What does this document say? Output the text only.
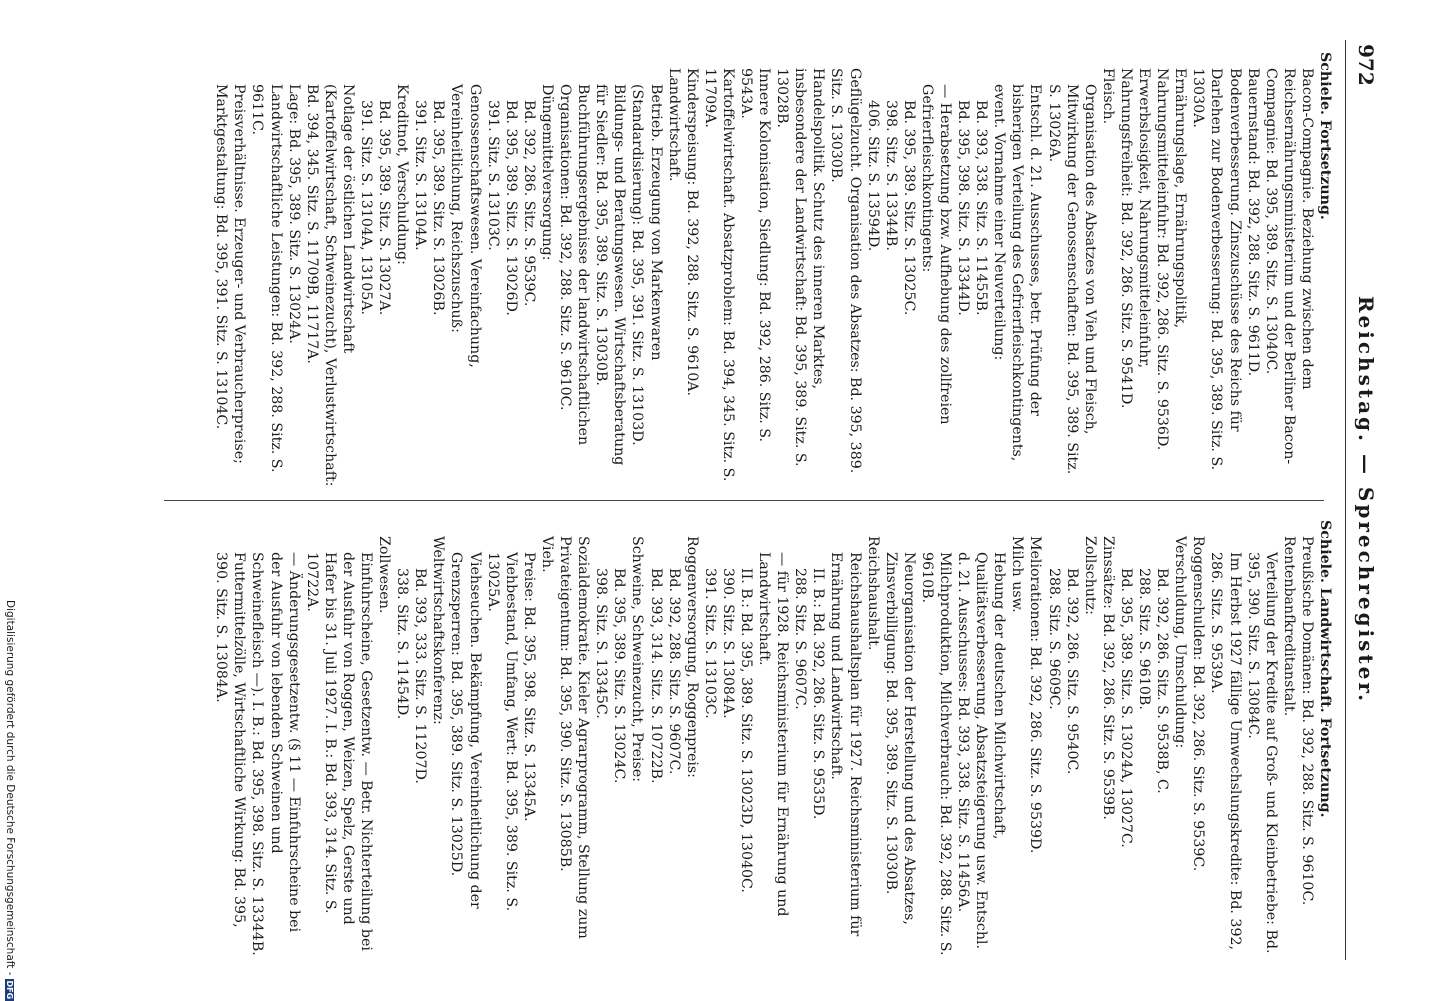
972
Reichstag. — Sprechregister.

Schiele. Fortsetzung.

Bacon-Compagnie. Beziehung zwischen dem Reichsernährungsministerium und der Berliner Bacon-Compagnie: Bd. 395, 389. Sitz. S. 13040C.

Bauernstand: Bd. 392, 288. Sitz. S. 9611D.

Bodenverbesserung. Zinszuschüsse des Reichs für Darlehen zur Bodenverbesserung: Bd. 395, 389. Sitz. S. 13030A.

Ernährungslage, Ernährungspolitik, Nahrungsmitteleinfuhr: Bd. 392, 286. Sitz. S. 9536D.

Erwerbslosigkeit, Nahrungsmitteleinfuhr, Nahrungsfreiheit: Bd. 392, 286. Sitz. S. 9541D.

Fleisch.

Organisation des Absatzes von Vieh und Fleisch, Mitwirkung der Genossenschaften: Bd. 395, 389. Sitz. S. 13026A.

Entschl. d. 21. Ausschusses, betr. Prüfung der bisherigen Verteilung des Gefrierfleischkontingents, event. Vornahme einer Neuverteilung:

Bd. 393, 338. Sitz. S. 11455B.

Bd. 395, 398. Sitz. S. 13344D.

— Herabsetzung bzw. Aufhebung des zollfreien Gefrierfleischkontingents:

Bd. 395, 389. Sitz. S. 13025C.

398. Sitz. S. 13344B.

406. Sitz. S. 13594D.

Geflügelzucht. Organisation des Absatzes: Bd. 395, 389. Sitz. S. 13030B.

Handelspolitik. Schutz des inneren Marktes, insbesondere der Landwirtschaft: Bd. 395, 389. Sitz. S. 13028B.

Innere Kolonisation, Siedlung: Bd. 392, 286. Sitz. S. 9543A.

Kartoffelwirtschaft. Absatzproblem: Bd. 394, 345. Sitz. S. 11709A.

Kinderspeisung: Bd. 392, 288. Sitz. S. 9610A.

Landwirtschaft.

Betrieb. Erzeugung von Markenwaren (Standardisierung): Bd. 395, 391. Sitz. S. 13103D.

Bildungs- und Beratungswesen. Wirtschaftsberatung für Siedler: Bd. 395, 389. Sitz. S. 13030B.

Buchführungsergebnisse der landwirtschaftlichen Organisationen: Bd. 392, 288. Sitz. S. 9610C.

Düngemittelversorgung:

Bd. 392, 286. Sitz. S. 9539C.

Bd. 395, 389. Sitz. S. 13026D.

391. Sitz. S. 13103C.

Genossenschaftswesen. Vereinfachung, Vereinheitlichung, Reichszuschuß:

Bd. 395, 389. Sitz. S. 13026B.

391. Sitz. S. 13104A.

Kreditnot, Verschuldung:

Bd. 395, 389. Sitz. S. 13027A.

391. Sitz. S. 13104A, 13105A.

Notlage der östlichen Landwirtschaft (Kartoffelwirtschaft, Schweinezucht), Verlustwirtschaft: Bd. 394, 345. Sitz. S. 11709B, 11717A.

Lage: Bd. 395, 389. Sitz. S. 13024A.

Landwirtschaftliche Leistungen: Bd. 392, 288. Sitz. S. 9611C.

Preisverhältnisse. Erzeuger- und Verbraucherpreise; Marktgestaltung: Bd. 395, 391. Sitz. S. 13104C.

Schiele. Landwirtschaft. Fortsetzung.

Preußische Domänen: Bd. 392, 288. Sitz. S. 9610C.

Rentenbanfkreditanstalt.

Verteilung der Kredite auf Groß- und Kleinbetriebe: Bd. 395, 390. Sitz. S. 13084C.

Im Herbst 1927 fällige Umwechslungskredite: Bd. 392, 286. Sitz. S. 9539A.

Roggenschulden: Bd. 392, 286. Sitz. S. 9539C.

Verschuldung, Umschuldung:

Bd. 392, 286. Sitz. S. 9538B, C.

288. Sitz. S. 9610B.

Bd. 395, 389. Sitz. S. 13024A, 13027C.

Zinssätze: Bd. 392, 286. Sitz. S. 9539B.

Zollschutz:

Bd. 392, 286. Sitz. S. 9540C.

288. Sitz. S. 9609C.

Meliorationen: Bd. 392, 286. Sitz. S. 9539D.

Milch usw.

Hebung der deutschen Milchwirtschaft, Qualitätsverbesserung, Absatzsteigerung usw. Entschl. d. 21. Ausschusses: Bd. 393, 338. Sitz. S. 11456A.

Milchproduktion, Milchverbrauch: Bd. 392, 288. Sitz. S. 9610B.

Neuorganisation der Herstellung und des Absatzes, Zinsverbilligung: Bd. 395, 389. Sitz. S. 13030B.

Reichshaushalt.

Reichshaushaltsplan für 1927. Reichsministerium für Ernährung und Landwirtschaft.

II. B.: Bd. 392, 286. Sitz. S. 9535D.

288. Sitz. S. 9607C.

— für 1928. Reichsministerium für Ernährung und Landwirtschaft.

II. B.: Bd. 395, 389. Sitz. S. 13023D, 13040C.

390. Sitz. S. 13084A.

391. Sitz. S. 13103C.

Roggenversorgung, Roggenpreis:

Bd. 392, 288. Sitz. S. 9607C.

Bd. 393, 314. Sitz. S. 10722B.

Schweine, Schweinezucht, Preise:

Bd. 395, 389. Sitz. S. 13024C.

398. Sitz. S. 13345C.

Sozialdemokratie. Kieler Agrarprogramm, Stellung zum Privateigentum: Bd. 395, 390. Sitz. S. 13085B.

Vieh.

Preise: Bd. 395, 398. Sitz. S. 13345A.

Viehbestand, Umfang, Wert: Bd. 395, 389. Sitz. S. 13025A.

Viehseuchen. Bekämpfung, Vereinheitlichung der Grenzsperren: Bd. 395, 389. Sitz. S. 13025D.

Weltwirtschaftskonferenz:

Bd. 393, 333. Sitz. S. 11207D.

338. Sitz. S. 11454D.

Zollwesen.

Einfuhrscheine, Gesetzentw. — Betr. Nichterteilung bei der Ausfuhr von Roggen, Weizen, Spelz, Gerste und Hafer bis 31. Juli 1927. I. B.: Bd. 393, 314. Sitz. S. 10722A.

— Änderungsgesetzentw. (§ 11 — Einfuhrscheine bei der Ausfuhr von lebenden Schweinen und Schweinefleisch —). I. B.: Bd. 395, 398. Sitz. S. 13344B.

Futtermittelzölle, Wirtschaftliche Wirkung: Bd. 395, 390. Sitz. S. 13084A.

Digitalisierung gefördert durch die Deutsche Forschungsgemeinschaft -DFG
